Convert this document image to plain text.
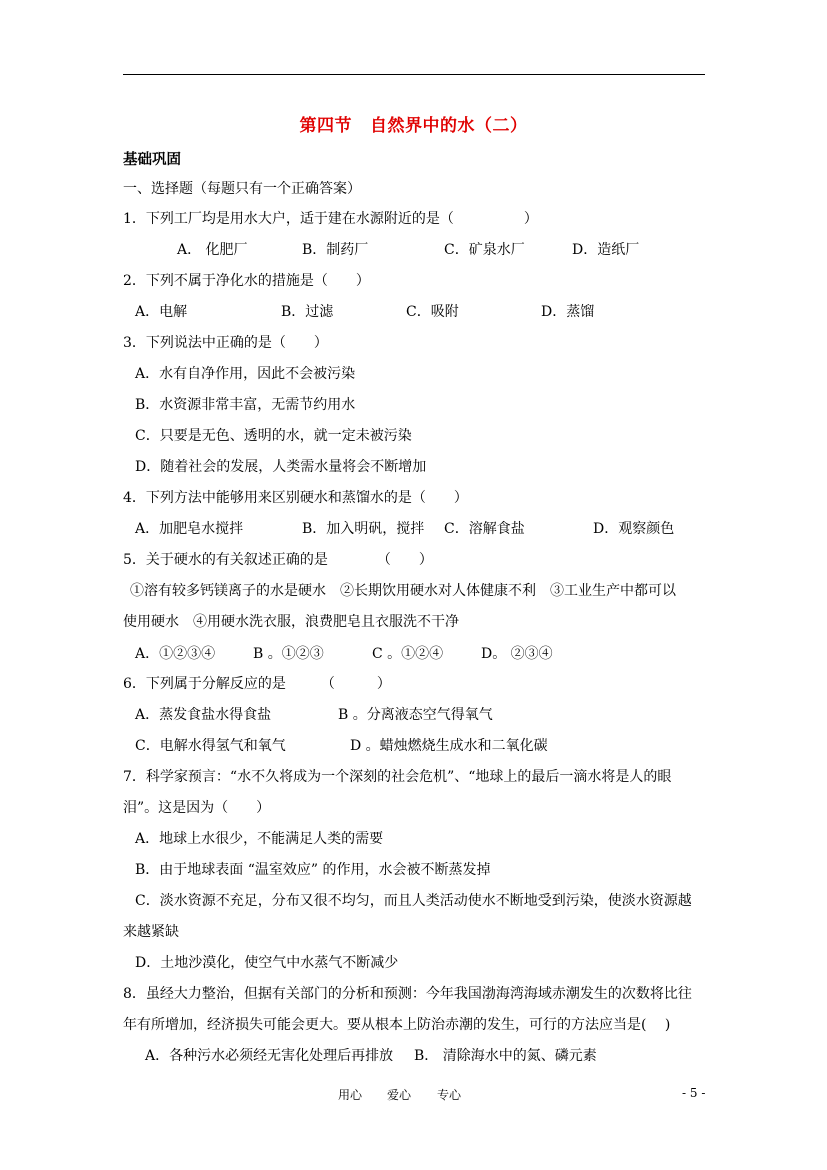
第四节 自然界中的水（二）
基础巩固
一、选择题（每题只有一个正确答案）
1．下列工厂均是用水大户，适于建在水源附近的是（　　　　　）
A． 化肥厂	B．制药厂	C．矿泉水厂	D．造纸厂
2．下列不属于净化水的措施是（　　）
A．电解	B．过滤	C．吸附	D．蒸馏
3．下列说法中正确的是（　　）
A．水有自净作用，因此不会被污染
B．水资源非常丰富，无需节约用水
C．只要是无色、透明的水，就一定未被污染
D．随着社会的发展，人类需水量将会不断增加
4．下列方法中能够用来区别硬水和蒸馏水的是（　　）
A．加肥皂水搅拌	B．加入明矾，搅拌 C．溶解食盐	D．观察颜色
5．关于硬水的有关叙述正确的是　　　　（　　）
①溶有较多钙镁离子的水是硬水　②长期饮用硬水对人体健康不利　③工业生产中都可以
使用硬水　④用硬水洗衣服，浪费肥皂且衣服洗不干净
A．①②③④	B 。①②③	C 。①②④	D。 ②③④
6．下列属于分解反应的是　　　（　　　）
A．蒸发食盐水得食盐	B 。分离液态空气得氧气
C．电解水得氢气和氧气	D 。蜡烛燃烧生成水和二氧化碳
7．科学家预言：“水不久将成为一个深刻的社会危机”、“地球上的最后一滴水将是人的眼
泪”。这是因为（　　）
A．地球上水很少，不能满足人类的需要
B．由于地球表面 “温室效应” 的作用，水会被不断蒸发掉
C．淡水资源不充足，分布又很不均匀，而且人类活动使水不断地受到污染，使淡水资源越
来越紧缺
D．土地沙漠化，使空气中水蒸气不断减少
8．虽经大力整治，但据有关部门的分析和预测：今年我国渤海湾海域赤潮发生的次数将比往
年有所增加，经济损失可能会更大。要从根本上防治赤潮的发生，可行的方法应当是(　 )
A．各种污水必须经无害化处理后再排放 B． 清除海水中的氮、磷元素
用心 爱心 专心	- 5 -
